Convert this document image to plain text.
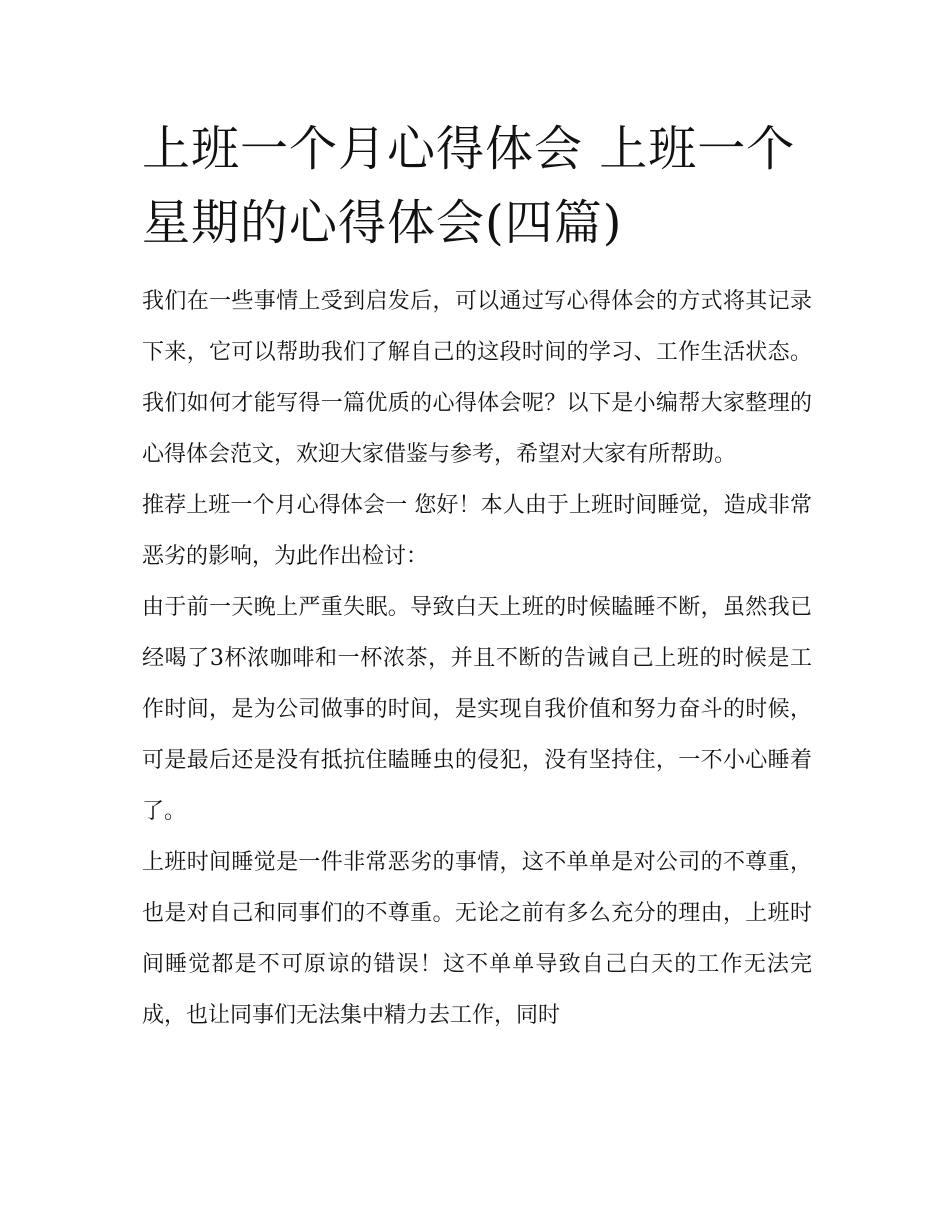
上班一个月心得体会 上班一个星期的心得体会(四篇)

我们在一些事情上受到启发后，可以通过写心得体会的方式将其记录下来，它可以帮助我们了解自己的这段时间的学习、工作生活状态。我们如何才能写得一篇优质的心得体会呢？以下是小编帮大家整理的心得体会范文，欢迎大家借鉴与参考，希望对大家有所帮助。

推荐上班一个月心得体会一 您好！本人由于上班时间睡觉，造成非常恶劣的影响，为此作出检讨：

由于前一天晚上严重失眠。导致白天上班的时候瞌睡不断，虽然我已经喝了3杯浓咖啡和一杯浓茶，并且不断的告诫自己上班的时候是工作时间，是为公司做事的时间，是实现自我价值和努力奋斗的时候，可是最后还是没有抵抗住瞌睡虫的侵犯，没有坚持住，一不小心睡着了。

上班时间睡觉是一件非常恶劣的事情，这不单单是对公司的不尊重，也是对自己和同事们的不尊重。无论之前有多么充分的理由，上班时间睡觉都是不可原谅的错误！这不单单导致自己白天的工作无法完成，也让同事们无法集中精力去工作，同时
